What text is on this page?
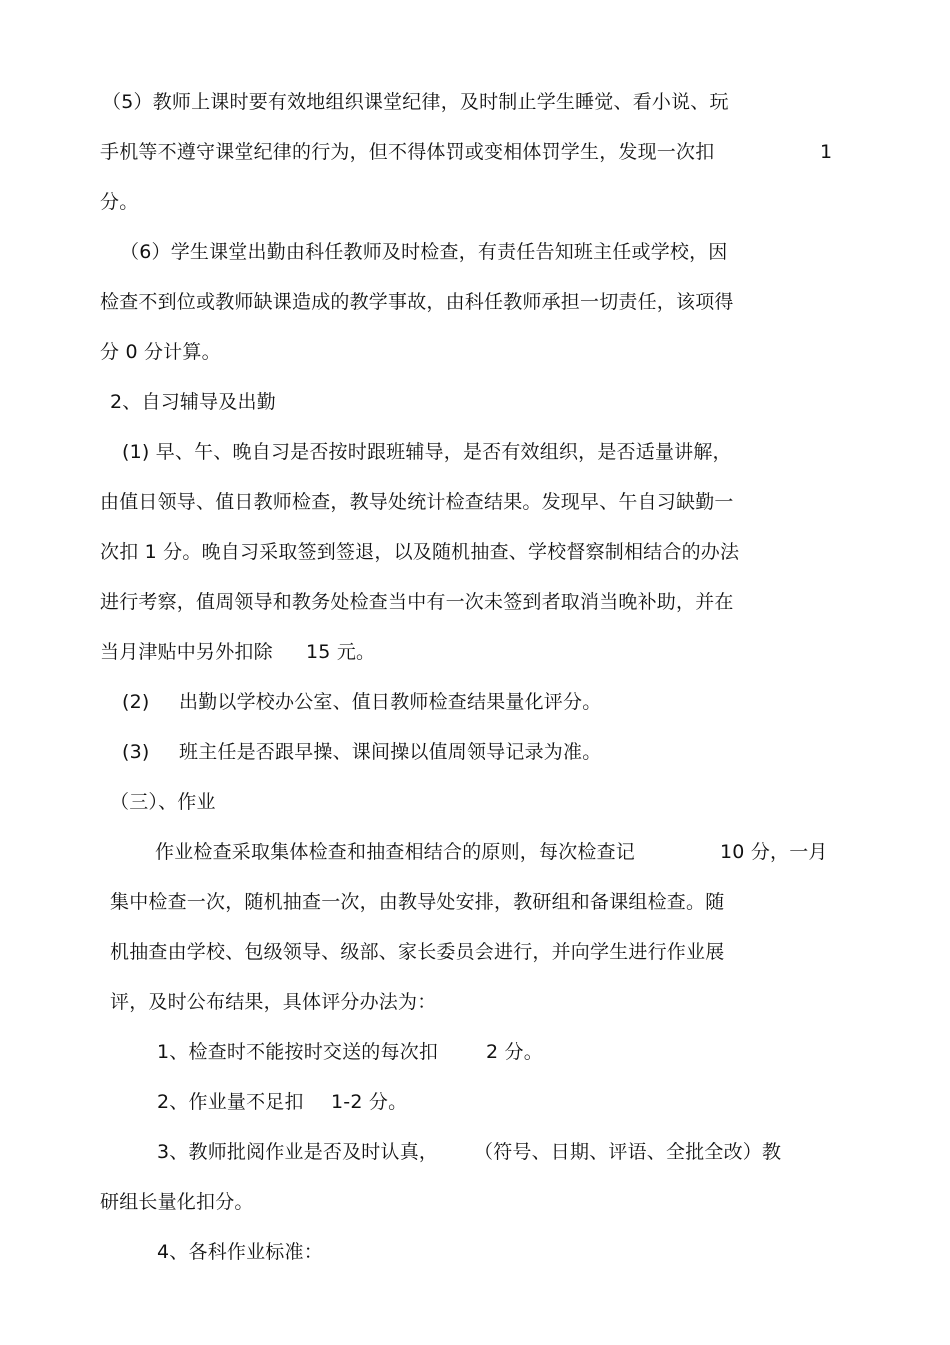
（5）教师上课时要有效地组织课堂纪律，及时制止学生睡觉、看小说、玩
手机等不遵守课堂纪律的行为，但不得体罚或变相体罚学生，发现一次扣	1
分。
（6）学生课堂出勤由科任教师及时检查，有责任告知班主任或学校，因
检查不到位或教师缺课造成的教学事故，由科任教师承担一切责任，该项得
分 0 分计算。
2、自习辅导及出勤
(1) 早、午、晚自习是否按时跟班辅导，是否有效组织，是否适量讲解，
由值日领导、值日教师检查，教导处统计检查结果。发现早、午自习缺勤一
次扣 1 分。晚自习采取签到签退，以及随机抽查、学校督察制相结合的办法
进行考察，值周领导和教务处检查当中有一次未签到者取消当晚补助，并在
当月津贴中另外扣除 15 元。
(2) 出勤以学校办公室、值日教师检查结果量化评分。
(3) 班主任是否跟早操、课间操以值周领导记录为准。
（三）、作业
作业检查采取集体检查和抽查相结合的原则，每次检查记	10 分，一月
集中检查一次，随机抽查一次，由教导处安排，教研组和备课组检查。随
机抽查由学校、包级领导、级部、家长委员会进行，并向学生进行作业展
评，及时公布结果，具体评分办法为：
1、检查时不能按时交送的每次扣	2 分。
2、作业量不足扣 1-2 分。
3、教师批阅作业是否及时认真， （符号、日期、评语、全批全改）教
研组长量化扣分。
4、各科作业标准：
